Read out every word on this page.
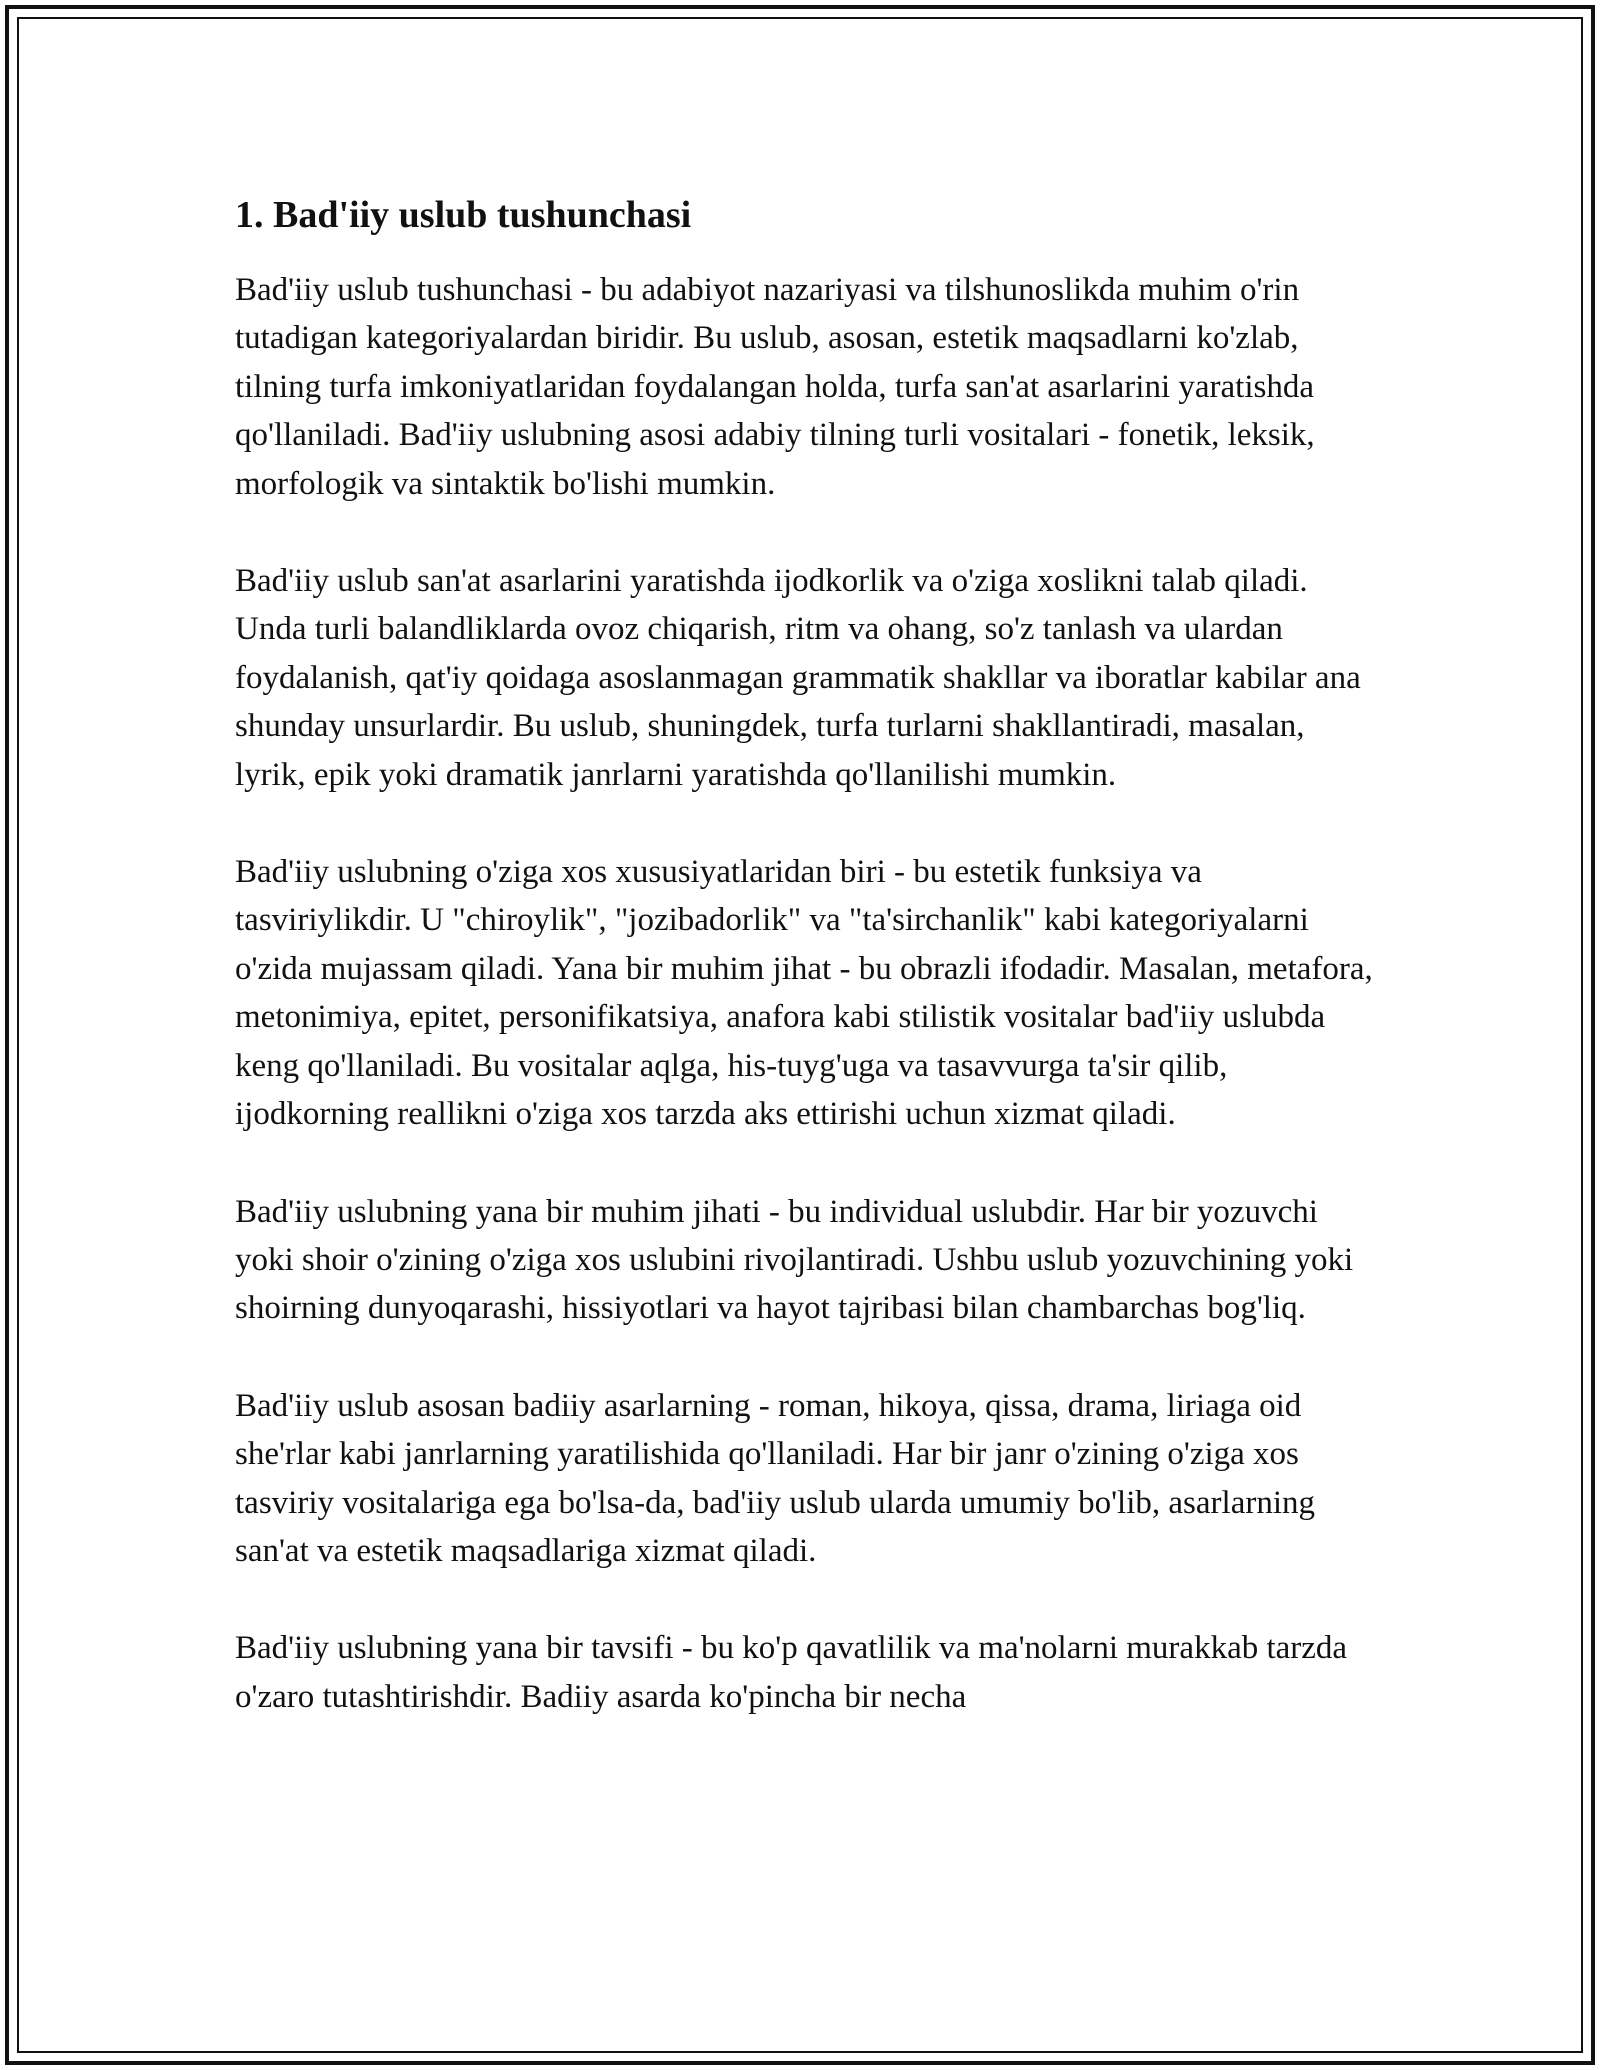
1. Bad'iiy uslub tushunchasi

Bad'iiy uslub tushunchasi - bu adabiyot nazariyasi va tilshunoslikda muhim o'rin tutadigan kategoriyalardan biridir. Bu uslub, asosan, estetik maqsadlarni ko'zlab, tilning turfa imkoniyatlaridan foydalangan holda, turfa san'at asarlarini yaratishda qo'llaniladi. Bad'iiy uslubning asosi adabiy tilning turli vositalari - fonetik, leksik, morfologik va sintaktik bo'lishi mumkin.

Bad'iiy uslub san'at asarlarini yaratishda ijodkorlik va o'ziga xoslikni talab qiladi. Unda turli balandliklarda ovoz chiqarish, ritm va ohang, so'z tanlash va ulardan foydalanish, qat'iy qoidaga asoslanmagan grammatik shakllar va iboratlar kabilar ana shunday unsurlardir. Bu uslub, shuningdek, turfa turlarni shakllantiradi, masalan, lyrik, epik yoki dramatik janrlarni yaratishda qo'llanilishi mumkin.

Bad'iiy uslubning o'ziga xos xususiyatlaridan biri - bu estetik funksiya va tasviriylikdir. U "chiroylik", "jozibadorlik" va "ta'sirchanlik" kabi kategoriyalarni o'zida mujassam qiladi. Yana bir muhim jihat - bu obrazli ifodadir. Masalan, metafora, metonimiya, epitet, personifikatsiya, anafora kabi stilistik vositalar bad'iiy uslubda keng qo'llaniladi. Bu vositalar aqlga, his-tuyg'uga va tasavvurga ta'sir qilib, ijodkorning reallikni o'ziga xos tarzda aks ettirishi uchun xizmat qiladi.

Bad'iiy uslubning yana bir muhim jihati - bu individual uslubdir. Har bir yozuvchi yoki shoir o'zining o'ziga xos uslubini rivojlantiradi. Ushbu uslub yozuvchining yoki shoirning dunyoqarashi, hissiyotlari va hayot tajribasi bilan chambarchas bog'liq.

Bad'iiy uslub asosan badiiy asarlarning - roman, hikoya, qissa, drama, liriaga oid she'rlar kabi janrlarning yaratilishida qo'llaniladi. Har bir janr o'zining o'ziga xos tasviriy vositalariga ega bo'lsa-da, bad'iiy uslub ularda umumiy bo'lib, asarlarning san'at va estetik maqsadlariga xizmat qiladi.

Bad'iiy uslubning yana bir tavsifi - bu ko'p qavatlilik va ma'nolarni murakkab tarzda o'zaro tutashtirishdir. Badiiy asarda ko'pincha bir necha
